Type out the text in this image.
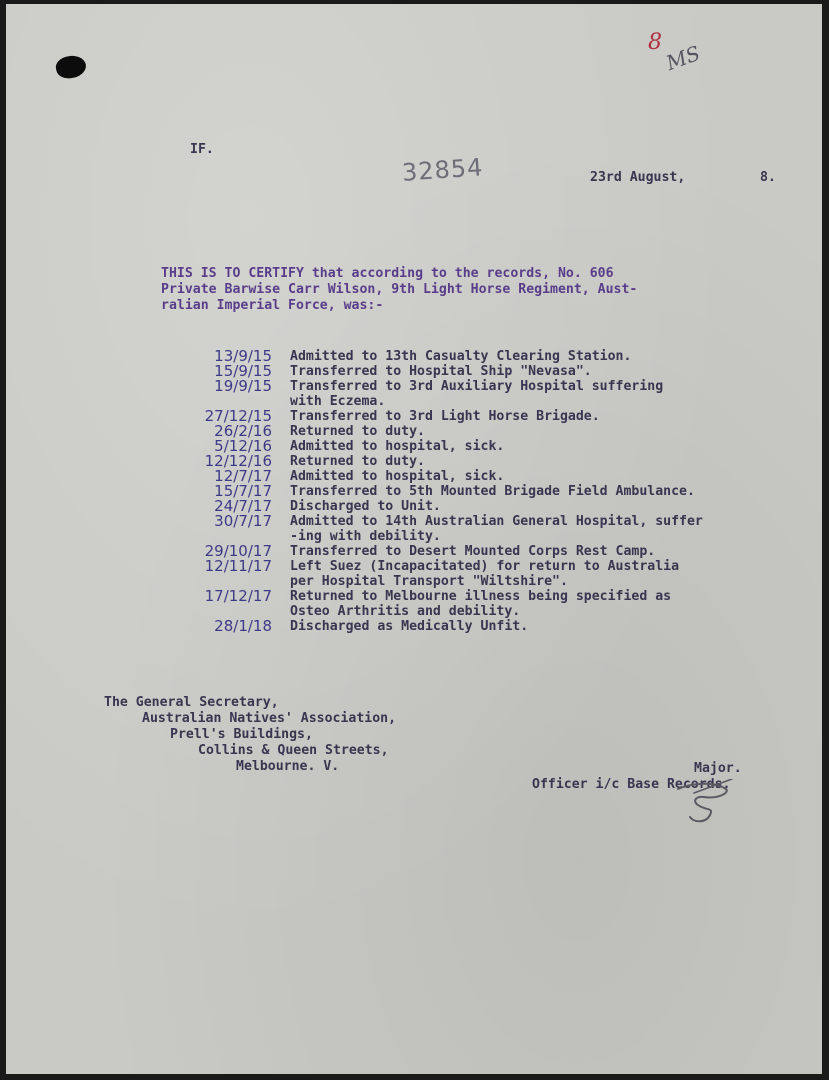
8 MS
IF.
32854	23rd August,	8.
THIS IS TO CERTIFY that according to the records, No. 606
Private Barwise Carr Wilson, 9th Light Horse Regiment, Aust-
ralian Imperial Force, was:-
13/9/15	Admitted to 13th Casualty Clearing Station.
15/9/15	Transferred to Hospital Ship "Nevasa".
19/9/15	Transferred to 3rd Auxiliary Hospital suffering
with Eczema.
27/12/15	Transferred to 3rd Light Horse Brigade.
26/2/16	Returned to duty.
5/12/16	Admitted to hospital, sick.
12/12/16	Returned to duty.
12/7/17	Admitted to hospital, sick.
15/7/17	Transferred to 5th Mounted Brigade Field Ambulance.
24/7/17	Discharged to Unit.
30/7/17	Admitted to 14th Australian General Hospital, suffer
-ing with debility.
29/10/17	Transferred to Desert Mounted Corps Rest Camp.
12/11/17	Left Suez (Incapacitated) for return to Australia
per Hospital Transport "Wiltshire".
17/12/17	Returned to Melbourne illness being specified as
Osteo Arthritis and debility.
28/1/18	Discharged as Medically Unfit.
The General Secretary,
Australian Natives' Association,
Prell's Buildings,
Collins & Queen Streets,
Melbourne. V.	Major.
Officer i/c Base Records.
